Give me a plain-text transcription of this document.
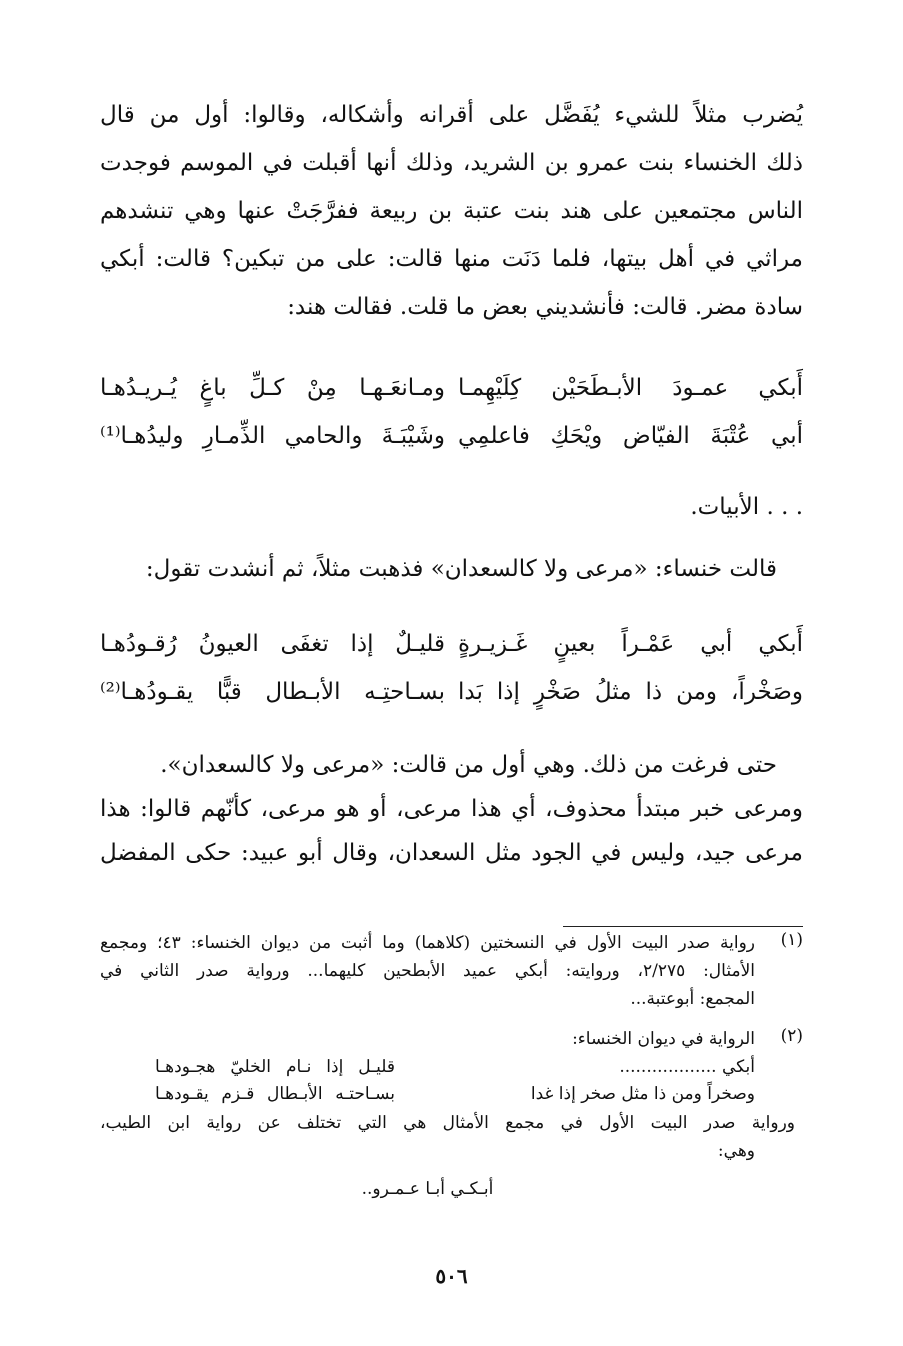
يُضرب مثلاً للشيء يُفَضَّل على أقرانه وأشكاله، وقالوا: أول من قال
ذلك الخنساء بنت عمرو بن الشريد، وذلك أنها أقبلت في الموسم فوجدت
الناس مجتمعين على هند بنت عتبة بن ربيعة ففرَّجَتْ عنها وهي تنشدهم
مراثي في أهل بيتها، فلما دَنَت منها قالت: على من تبكين؟ قالت: أبكي
سادة مضر. قالت: فأنشديني بعض ما قلت. فقالت هند:
أَبكي عمـودَ الأبـطَحَيْن كِلَيْهِمـا
ومـانعَـهـا مِنْ كـلِّ باغٍ يُـريـدُهـا
أبي عُتْبَةَ الفيّاض ويْحَكِ فاعلمِي
وشَيْبَـةَ والحامي الذِّمـارِ وليدُهـا⁽¹⁾
. . . الأبيات.
قالت خنساء: «مرعى ولا كالسعدان» فذهبت مثلاً، ثم أنشدت تقول:
أَبكي أبي عَمْـراً بعينٍ غَـزيـرةٍ
قليـلٌ إذا تغفَى العيونُ رُقـودُهـا
وصَخْراً، ومن ذا مثلُ صَخْرٍ إذا بَدا
بسـاحتِـه الأبـطال قبًّا يقـودُهـا⁽²⁾
حتى فرغت من ذلك. وهي أول من قالت: «مرعى ولا كالسعدان».
ومرعى خبر مبتدأ محذوف، أي هذا مرعى، أو هو مرعى، كأنّهم قالوا: هذا
مرعى جيد، وليس في الجود مثل السعدان، وقال أبو عبيد: حكى المفضل
(١)
رواية صدر البيت الأول في النسختين (كلاهما) وما أثبت من ديوان الخنساء: ٤٣؛ ومجمع
الأمثال: ٢/٢٧٥، وروايته: أبكي عميد الأبطحين كليهما... ورواية صدر الثاني في
المجمع: أبوعتبة...
(٢)
الرواية في ديوان الخنساء:
أبكي ..................
قليـل إذا نـام الخليّ هجـودهـا
وصخراً ومن ذا مثل صخر إذا غدا
بسـاحتـه الأبـطال قـزم يقـودهـا
ورواية صدر البيت الأول في مجمع الأمثال هي التي تختلف عن رواية ابن الطيب،
وهي:
أبـكـي أبـا عـمـرو..
٥٠٦
